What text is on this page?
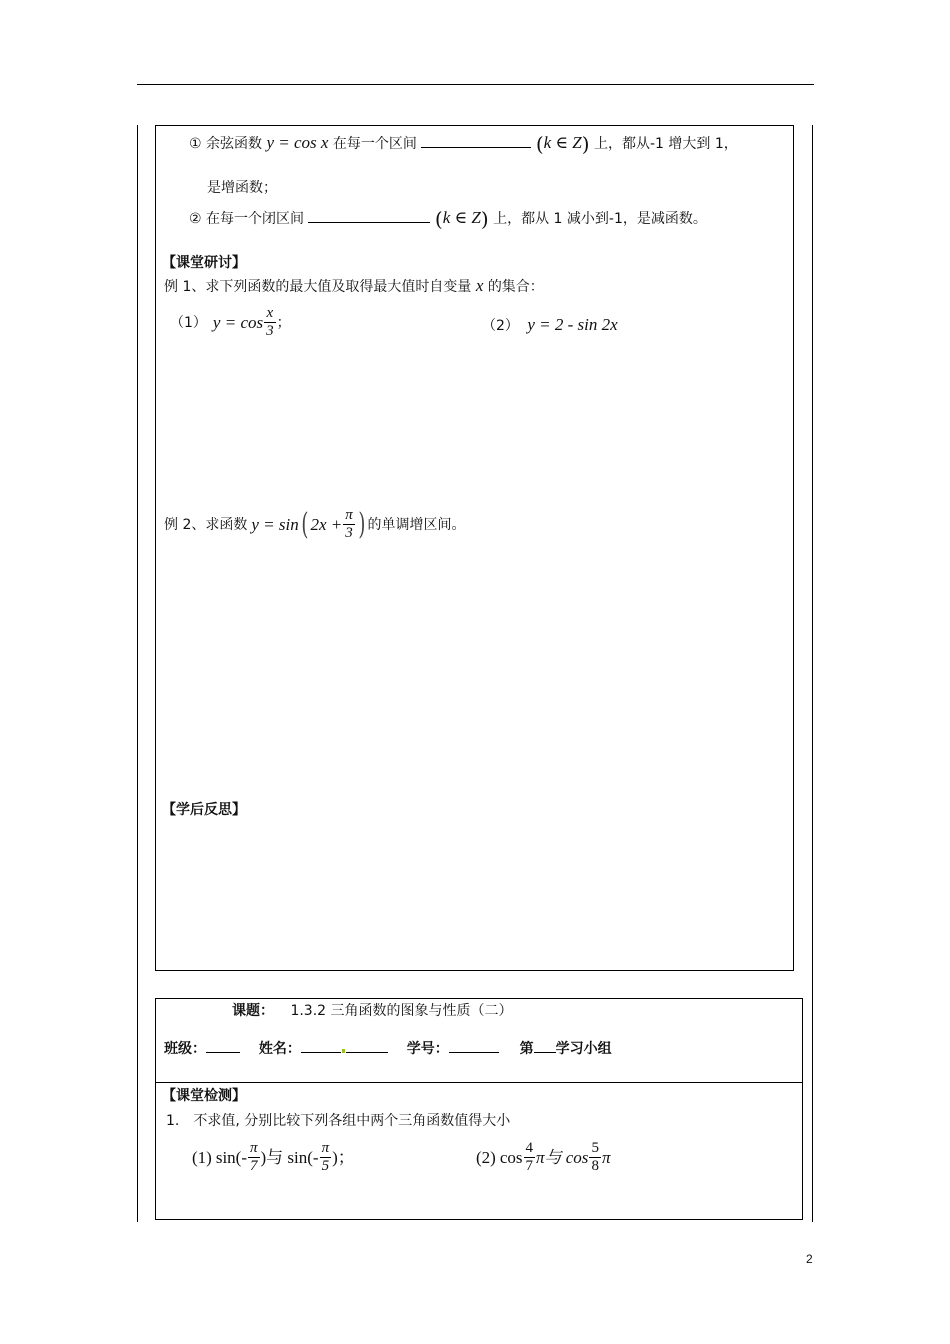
① 余弦函数 y = cos x 在每一个区间	(k ∈ Z) 上，都从-1 增大到 1，
是增函数；
② 在每一个闭区间	(k ∈ Z) 上，都从 1 减小到-1，是减函数。
【课堂研讨】
例 1、求下列函数的最大值及取得最大值时自变量 x 的集合：
（1） $y = \cos \frac{x}{3}$ ；	（2） y = 2 - sin 2x
例 2、求函数 y = sin ( $2x + \frac{\pi}{3}$ ) 的单调增区间。
【学后反思】
课题： 1.3.2 三角函数的图象与性质（二）
班级：	姓名：	学号：	第 学习小组
【课堂检测】
1.　不求值, 分别比较下列各组中两个三角函数值得大小
(1) $\sin(- \frac{\pi}{7}$ )与 $\sin(- \frac{\pi}{5}$ )；	(2) $\cos \frac{4}{7}$ π与 $\cos \frac{5}{8}$ π
2
